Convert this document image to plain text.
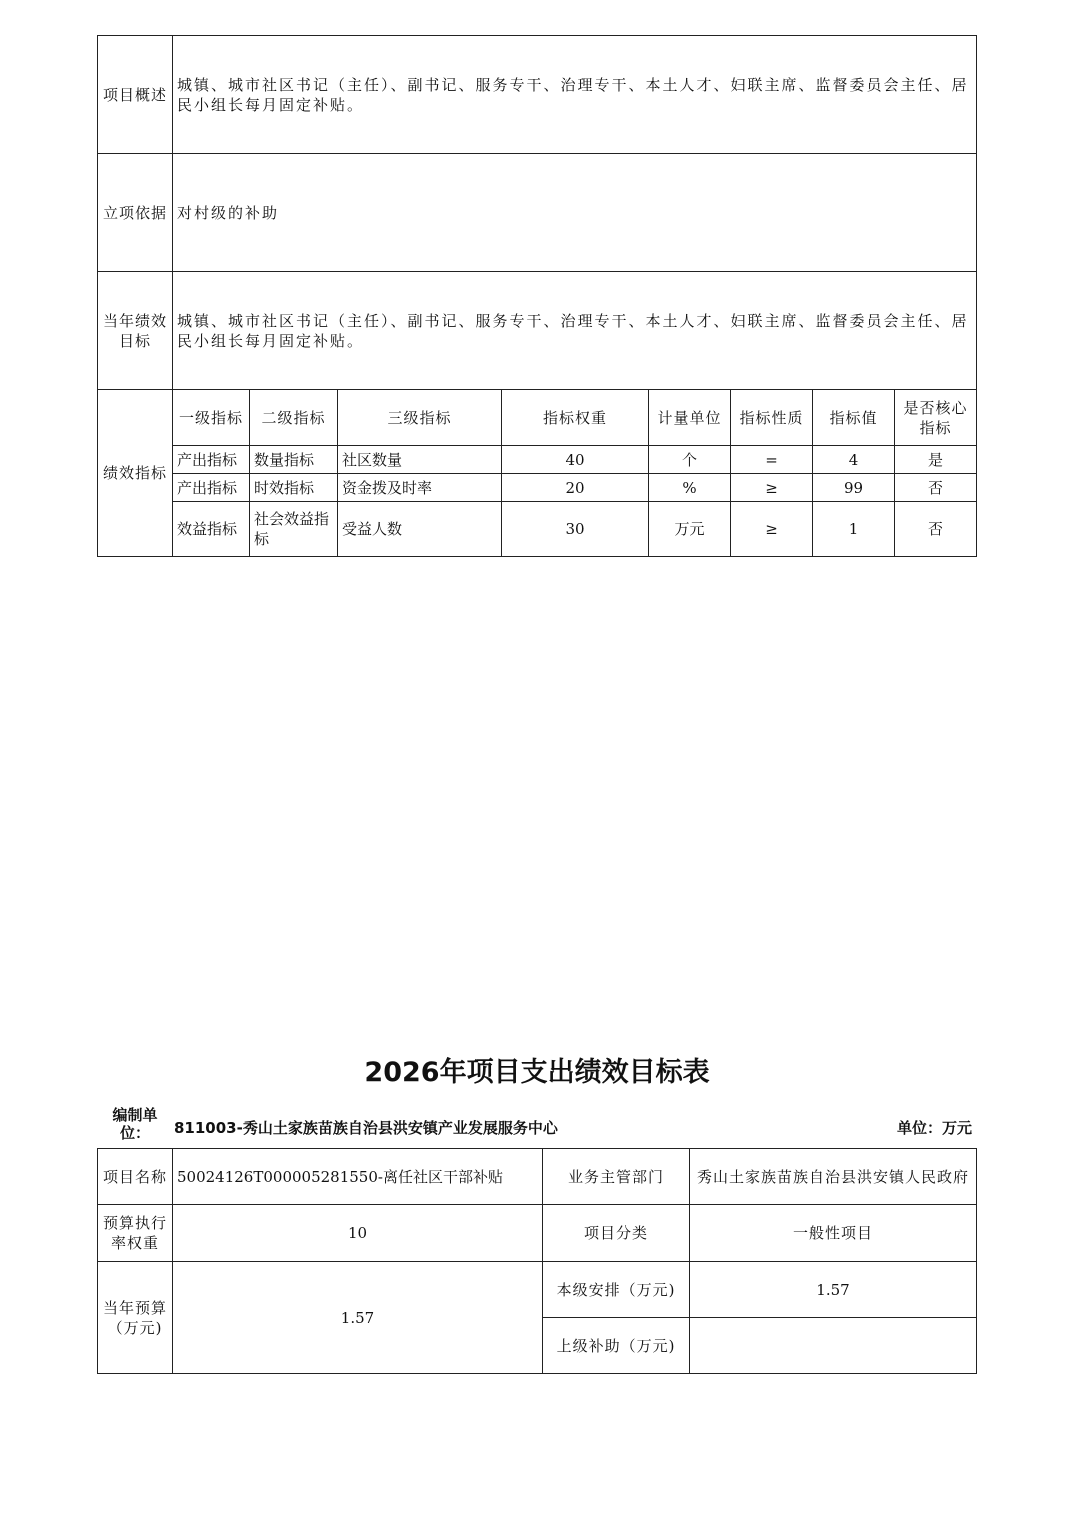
项目概述	城镇、城市社区书记（主任）、副书记、服务专干、治理专干、本土人才、妇联主席、监督委员会主任、居民小组长每月固定补贴。							
立项依据	对村级的补助							
当年绩效目标	城镇、城市社区书记（主任）、副书记、服务专干、治理专干、本土人才、妇联主席、监督委员会主任、居民小组长每月固定补贴。							
绩效指标	一级指标	二级指标	三级指标	指标权重	计量单位	指标性质	指标值	是否核心指标
	产出指标	数量指标	社区数量	40	个	=	4	是
	产出指标	时效指标	资金拨及时率	20	%	≥	99	否
	效益指标	社会效益指标	受益人数	30	万元	≥	1	否
2026年项目支出绩效目标表
编制单位：	811003-秀山土家族苗族自治县洪安镇产业发展服务中心	单位：万元
项目名称	50024126T000005281550-离任社区干部补贴	业务主管部门	秀山土家族苗族自治县洪安镇人民政府
预算执行率权重	10	项目分类	一般性项目
当年预算（万元)	1.57	本级安排（万元)	1.57
		上级补助（万元)	
